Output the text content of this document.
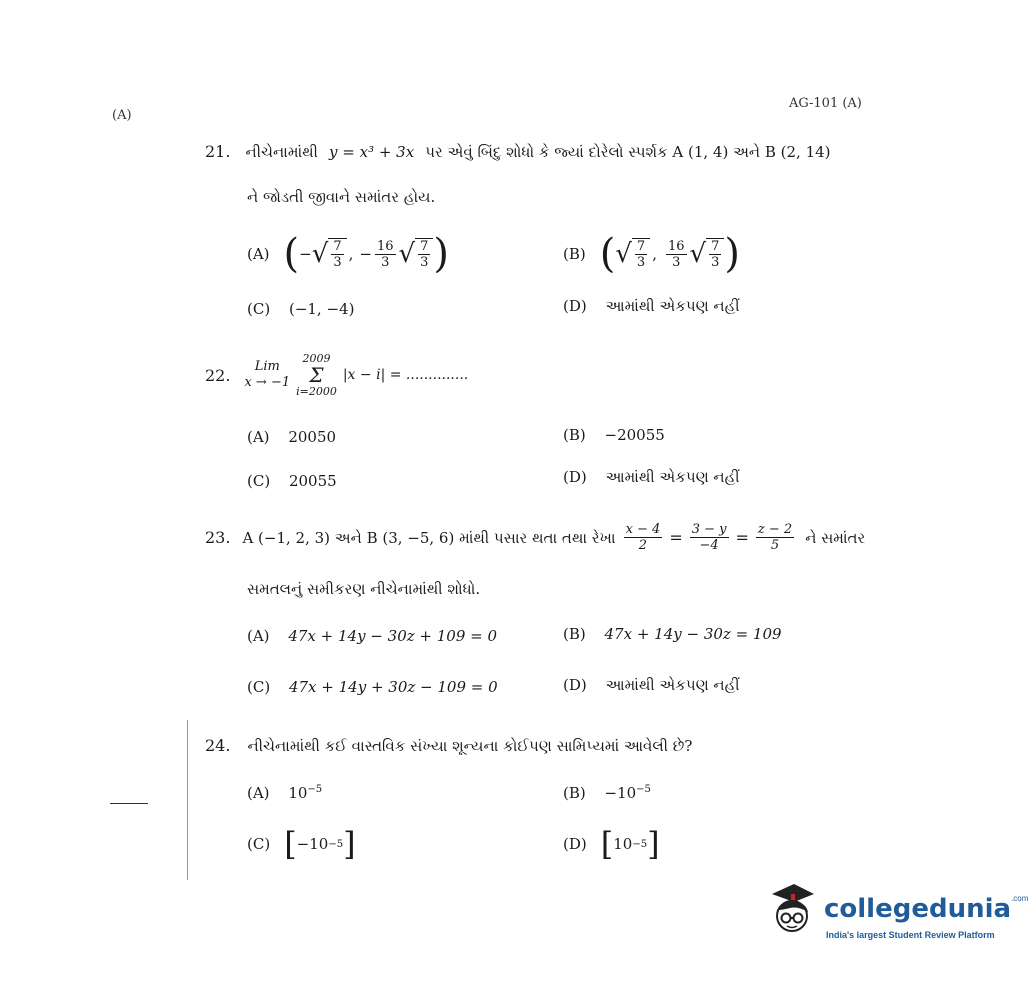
(A)
AG-101 (A)
21. નીચેનામાંથી y = x³ + 3x પર એવું બિંદુ શોધો કે જ્યાં દોરેલો સ્પર્શક A (1, 4) અને B (2, 14)
ને જોડતી જીવાને સમાંતર હોય.
(A) ( − √ $\frac{7}{3}$ , − $\frac{16}{3}$ √ $\frac{7}{3}$ )	(B) ( √ $\frac{7}{3}$ , $\frac{16}{3}$ √ $\frac{7}{3}$ )
(C) (−1, −4)	(D) આમાંથી એકપણ નહીં
22. Lim
x → −1
2009
Σ
i=2000
|x − i| = ..............
(A) 20050	(B) −20055
(C) 20055	(D) આમાંથી એકપણ નહીં
23. A (−1, 2, 3) અને B (3, −5, 6) માંથી પસાર થતા તથા રેખા $\frac{x - 4}{2} = \frac{3 - y}{-4} = \frac{z - 2}{5}$ ને સમાંતર
સમતલનું સમીકરણ નીચેનામાંથી શોધો.
(A) 47x + 14y − 30z + 109 = 0	(B) 47x + 14y − 30z = 109
(C) 47x + 14y + 30z − 109 = 0	(D) આમાંથી એકપણ નહીં
24. નીચેનામાંથી કઈ વાસ્તવિક સંખ્યા શૂન્યના કોઈપણ સામિપ્યમાં આવેલી છે?
(A) $10^{-5}$	$(B) -10^{-5}$
(C) [ −10 −5 ]	(D) [ 10 −5 ]
collegedunia$^{.com}$
India's largest Student Review Platform
